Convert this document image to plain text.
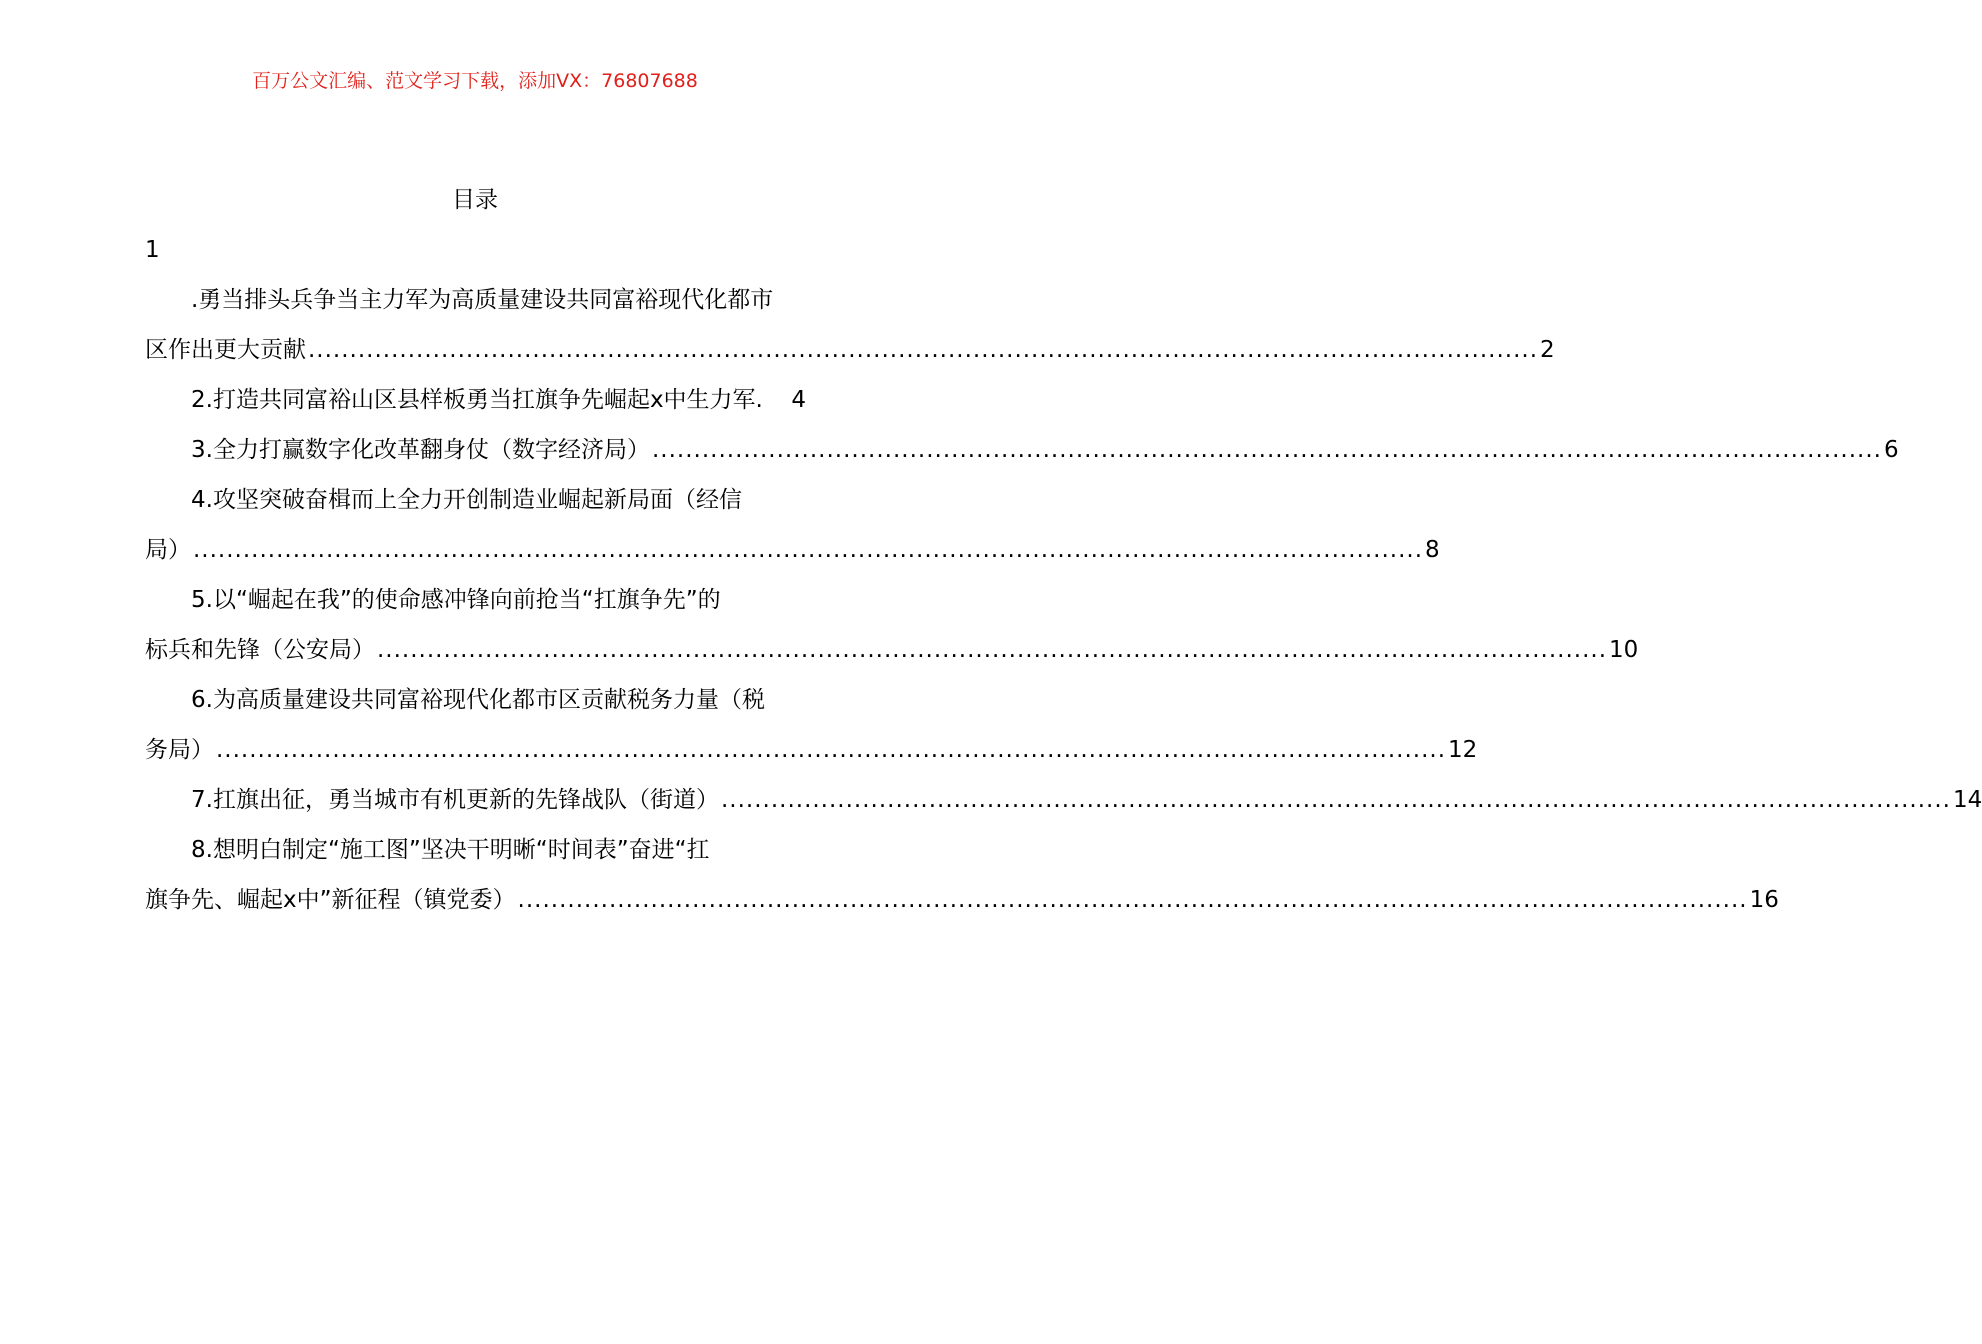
百万公文汇编、范文学习下载，添加VX：76807688
目录
1
.勇当排头兵争当主力军为高质量建设共同富裕现代化都市
区作出更大贡献 .................................................................................................................................................... 2
2.打造共同富裕山区县样板勇当扛旗争先崛起x中生力军. 4
3.全力打赢数字化改革翻身仗（数字经济局） .................................................................................................................................................... 6
4.攻坚突破奋楫而上全力开创制造业崛起新局面（经信
局） .................................................................................................................................................... 8
5.以“崛起在我”的使命感冲锋向前抢当“扛旗争先”的
标兵和先锋（公安局） .................................................................................................................................................... 10
6.为高质量建设共同富裕现代化都市区贡献税务力量（税
务局） .................................................................................................................................................... 12
7.扛旗出征，勇当城市有机更新的先锋战队（街道） .................................................................................................................................................... 14
8.想明白制定“施工图”坚决干明晰“时间表”奋进“扛
旗争先、崛起x中”新征程（镇党委） .................................................................................................................................................... 16
